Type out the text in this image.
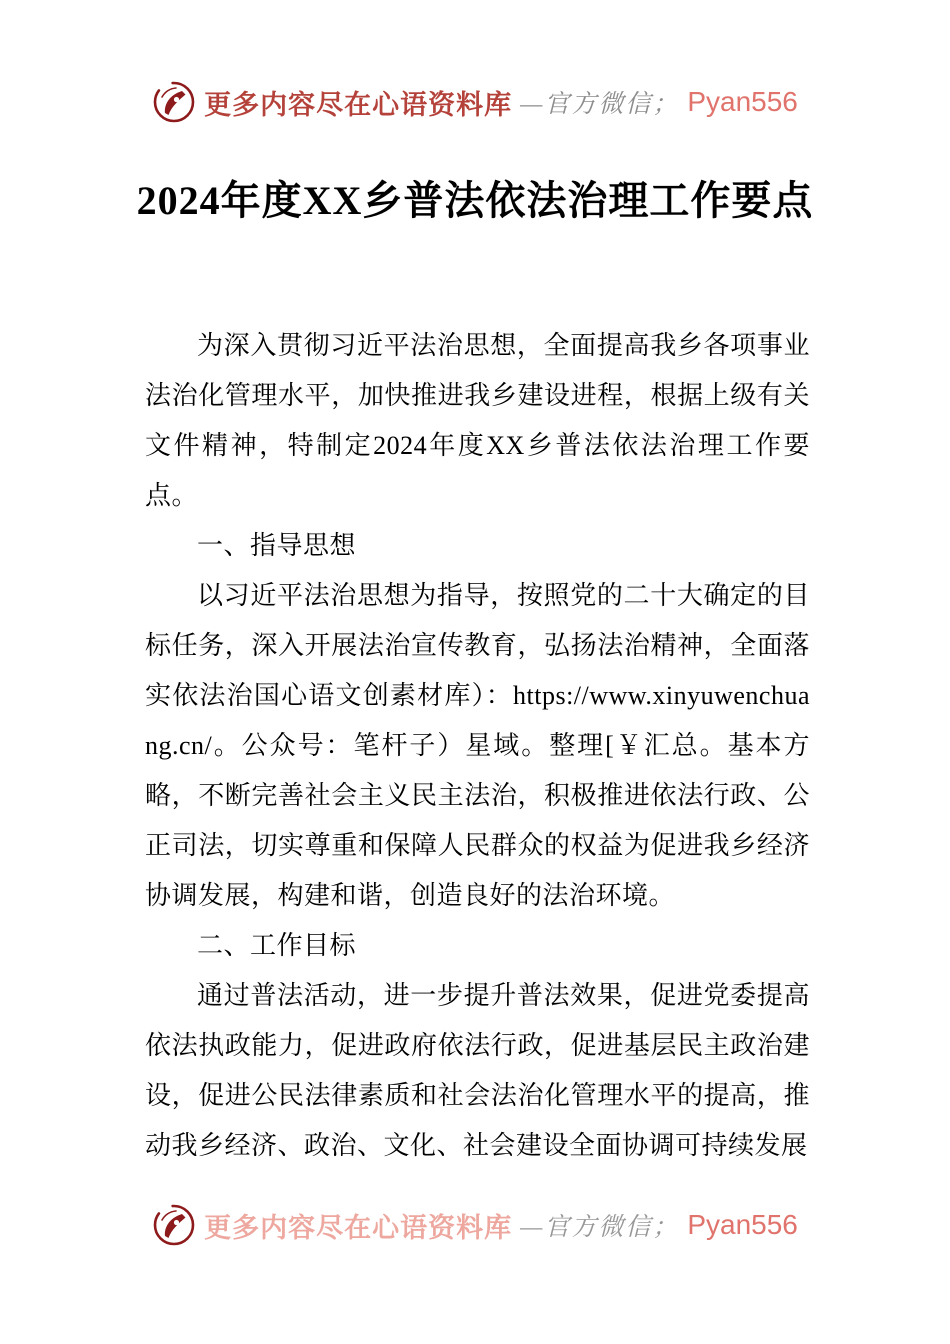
更多内容尽在心语资料库 —官方微信； Pyan556
2024年度XX乡普法依法治理工作要点

为深入贯彻习近平法治思想，全面提高我乡各项事业法治化管理水平，加快推进我乡建设进程，根据上级有关文件精神，特制定2024年度XX乡普法依法治理工作要点。

一、指导思想

以习近平法治思想为指导，按照党的二十大确定的目标任务，深入开展法治宣传教育，弘扬法治精神，全面落实依法治国心语文创素材库）：https://www.xinyuwenchuang.cn/。公众号：笔杆子）星域。整理[￥汇总。基本方略，不断完善社会主义民主法治，积极推进依法行政、公正司法，切实尊重和保障人民群众的权益为促进我乡经济协调发展，构建和谐，创造良好的法治环境。

二、工作目标

通过普法活动，进一步提升普法效果，促进党委提高依法执政能力，促进政府依法行政，促进基层民主政治建设，促进公民法律素质和社会法治化管理水平的提高，推动我乡经济、政治、文化、社会建设全面协调可持续发展

更多内容尽在心语资料库 —官方微信； Pyan556
